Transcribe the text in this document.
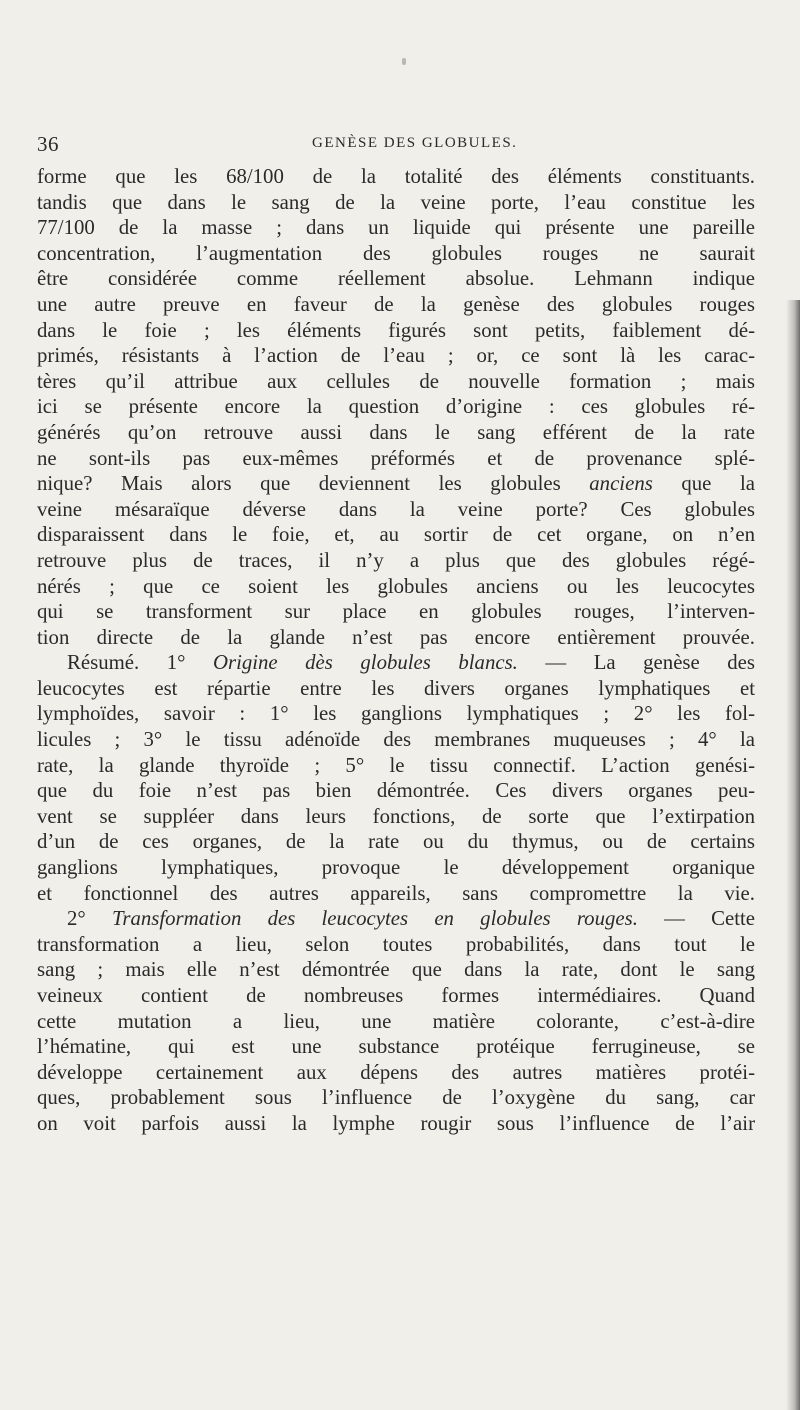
36	GENÈSE DES GLOBULES.
forme que les 68/100 de la totalité des éléments constituants.
tandis que dans le sang de la veine porte, l’eau constitue les
77/100 de la masse ; dans un liquide qui présente une pareille
concentration, l’augmentation des globules rouges ne saurait
être considérée comme réellement absolue. Lehmann indique
une autre preuve en faveur de la genèse des globules rouges
dans le foie ; les éléments figurés sont petits, faiblement dé-
primés, résistants à l’action de l’eau ; or, ce sont là les carac-
tères qu’il attribue aux cellules de nouvelle formation ; mais
ici se présente encore la question d’origine : ces globules ré-
générés qu’on retrouve aussi dans le sang efférent de la rate
ne sont-ils pas eux-mêmes préformés et de provenance splé-
nique? Mais alors que deviennent les globules anciens que la
veine mésaraïque déverse dans la veine porte? Ces globules
disparaissent dans le foie, et, au sortir de cet organe, on n’en
retrouve plus de traces, il n’y a plus que des globules régé-
nérés ; que ce soient les globules anciens ou les leucocytes
qui se transforment sur place en globules rouges, l’interven-
tion directe de la glande n’est pas encore entièrement prouvée.
Résumé. 1° Origine dès globules blancs. — La genèse des
leucocytes est répartie entre les divers organes lymphatiques et
lymphoïdes, savoir : 1° les ganglions lymphatiques ; 2° les fol-
licules ; 3° le tissu adénoïde des membranes muqueuses ; 4° la
rate, la glande thyroïde ; 5° le tissu connectif. L’action genési-
que du foie n’est pas bien démontrée. Ces divers organes peu-
vent se suppléer dans leurs fonctions, de sorte que l’extirpation
d’un de ces organes, de la rate ou du thymus, ou de certains
ganglions lymphatiques, provoque le développement organique
et fonctionnel des autres appareils, sans compromettre la vie.
2° Transformation des leucocytes en globules rouges. — Cette
transformation a lieu, selon toutes probabilités, dans tout le
sang ; mais elle n’est démontrée que dans la rate, dont le sang
veineux contient de nombreuses formes intermédiaires. Quand
cette mutation a lieu, une matière colorante, c’est-à-dire
l’hématine, qui est une substance protéique ferrugineuse, se
développe certainement aux dépens des autres matières protéi-
ques, probablement sous l’influence de l’oxygène du sang, car
on voit parfois aussi la lymphe rougir sous l’influence de l’air
